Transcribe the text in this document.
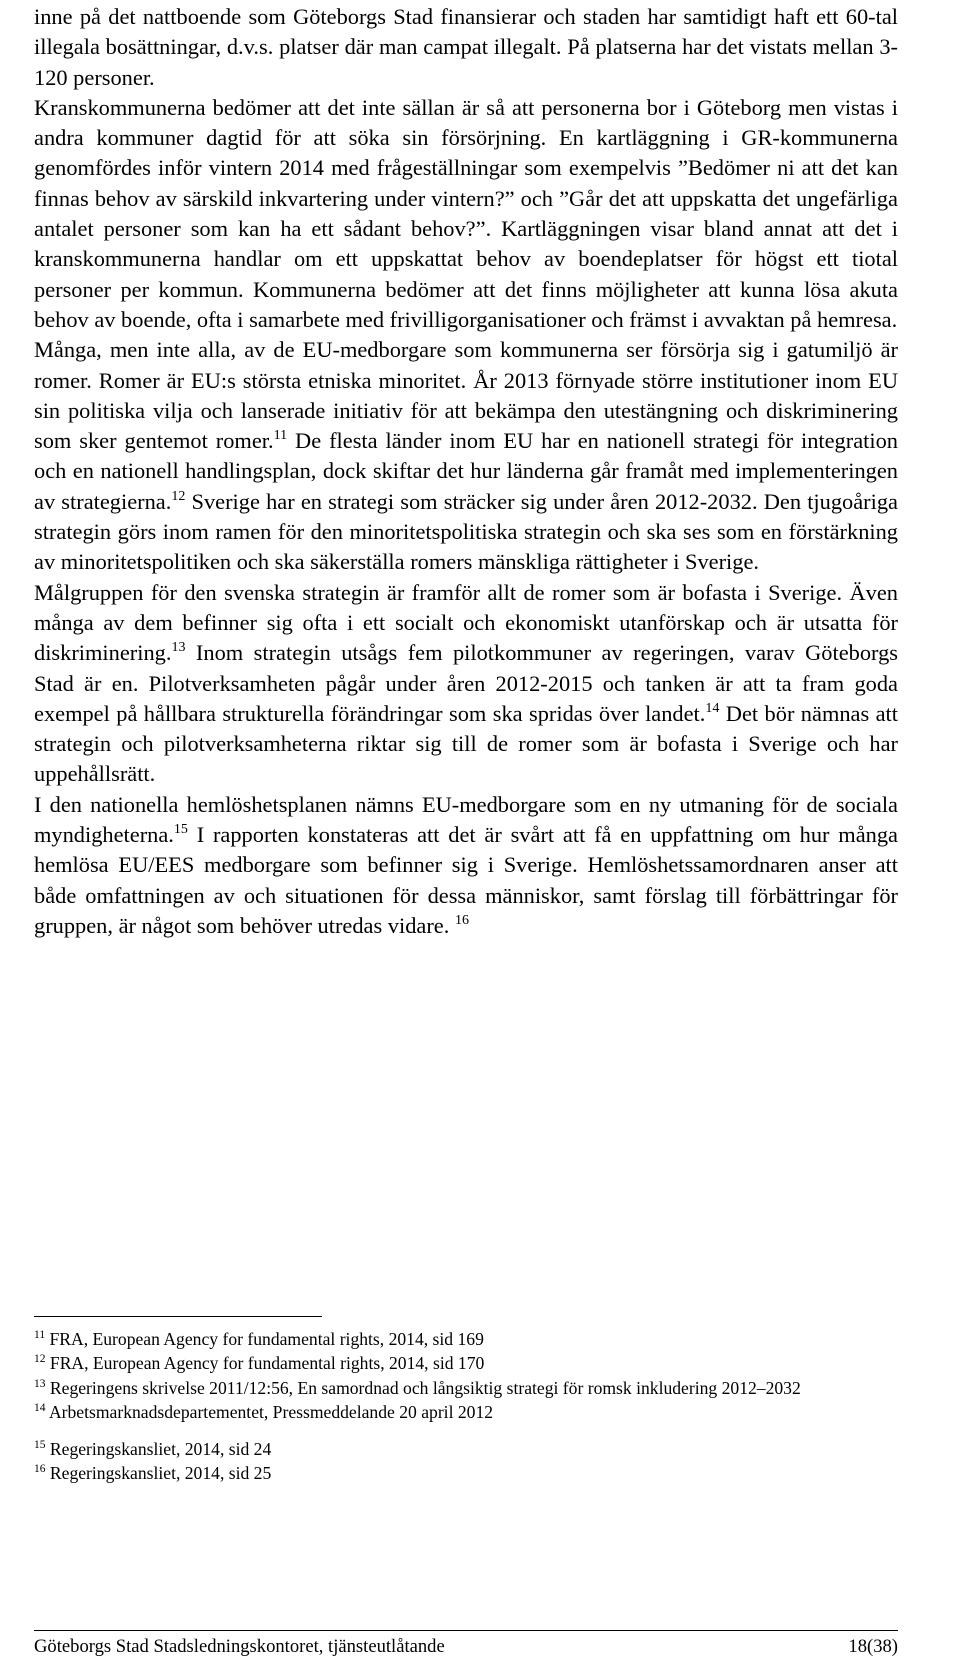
inne på det nattboende som Göteborgs Stad finansierar och staden har samtidigt haft ett 60-tal illegala bosättningar, d.v.s. platser där man campat illegalt. På platserna har det vistats mellan 3-120 personer.

Kranskommunerna bedömer att det inte sällan är så att personerna bor i Göteborg men vistas i andra kommuner dagtid för att söka sin försörjning. En kartläggning i GR-kommunerna genomfördes inför vintern 2014 med frågeställningar som exempelvis ”Bedömer ni att det kan finnas behov av särskild inkvartering under vintern?” och ”Går det att uppskatta det ungefärliga antalet personer som kan ha ett sådant behov?”. Kartläggningen visar bland annat att det i kranskommunerna handlar om ett uppskattat behov av boendeplatser för högst ett tiotal personer per kommun. Kommunerna bedömer att det finns möjligheter att kunna lösa akuta behov av boende, ofta i samarbete med frivilligorganisationer och främst i avvaktan på hemresa.

Många, men inte alla, av de EU-medborgare som kommunerna ser försörja sig i gatumiljö är romer. Romer är EU:s största etniska minoritet. År 2013 förnyade större institutioner inom EU sin politiska vilja och lanserade initiativ för att bekämpa den utestängning och diskriminering som sker gentemot romer.$^{11}$ De flesta länder inom EU har en nationell strategi för integration och en nationell handlingsplan, dock skiftar det hur länderna går framåt med implementeringen av strategierna.$^{12}$ Sverige har en strategi som sträcker sig under åren 2012-2032. Den tjugoåriga strategin görs inom ramen för den minoritetspolitiska strategin och ska ses som en förstärkning av minoritetspolitiken och ska säkerställa romers mänskliga rättigheter i Sverige.

Målgruppen för den svenska strategin är framför allt de romer som är bofasta i Sverige. Även många av dem befinner sig ofta i ett socialt och ekonomiskt utanförskap och är utsatta för diskriminering.$^{13}$ Inom strategin utsågs fem pilotkommuner av regeringen, varav Göteborgs Stad är en. Pilotverksamheten pågår under åren 2012-2015 och tanken är att ta fram goda exempel på hållbara strukturella förändringar som ska spridas över landet.$^{14}$ Det bör nämnas att strategin och pilotverksamheterna riktar sig till de romer som är bofasta i Sverige och har uppehållsrätt.

I den nationella hemlöshetsplanen nämns EU-medborgare som en ny utmaning för de sociala myndigheterna.$^{15}$ I rapporten konstateras att det är svårt att få en uppfattning om hur många hemlösa EU/EES medborgare som befinner sig i Sverige. Hemlöshetssamordnaren anser att både omfattningen av och situationen för dessa människor, samt förslag till förbättringar för gruppen, är något som behöver utredas vidare. $^{16}$

$^{11}$ FRA, European Agency for fundamental rights, 2014, sid 169

$^{12}$ FRA, European Agency for fundamental rights, 2014, sid 170

$^{13}$ Regeringens skrivelse 2011/12:56, En samordnad och långsiktig strategi för romsk inkludering 2012–2032

$^{14}$ Arbetsmarknadsdepartementet, Pressmeddelande 20 april 2012

$^{15}$ Regeringskansliet, 2014, sid 24

$^{16}$ Regeringskansliet, 2014, sid 25

Göteborgs Stad Stadsledningskontoret, tjänsteutlåtande	18(38)
